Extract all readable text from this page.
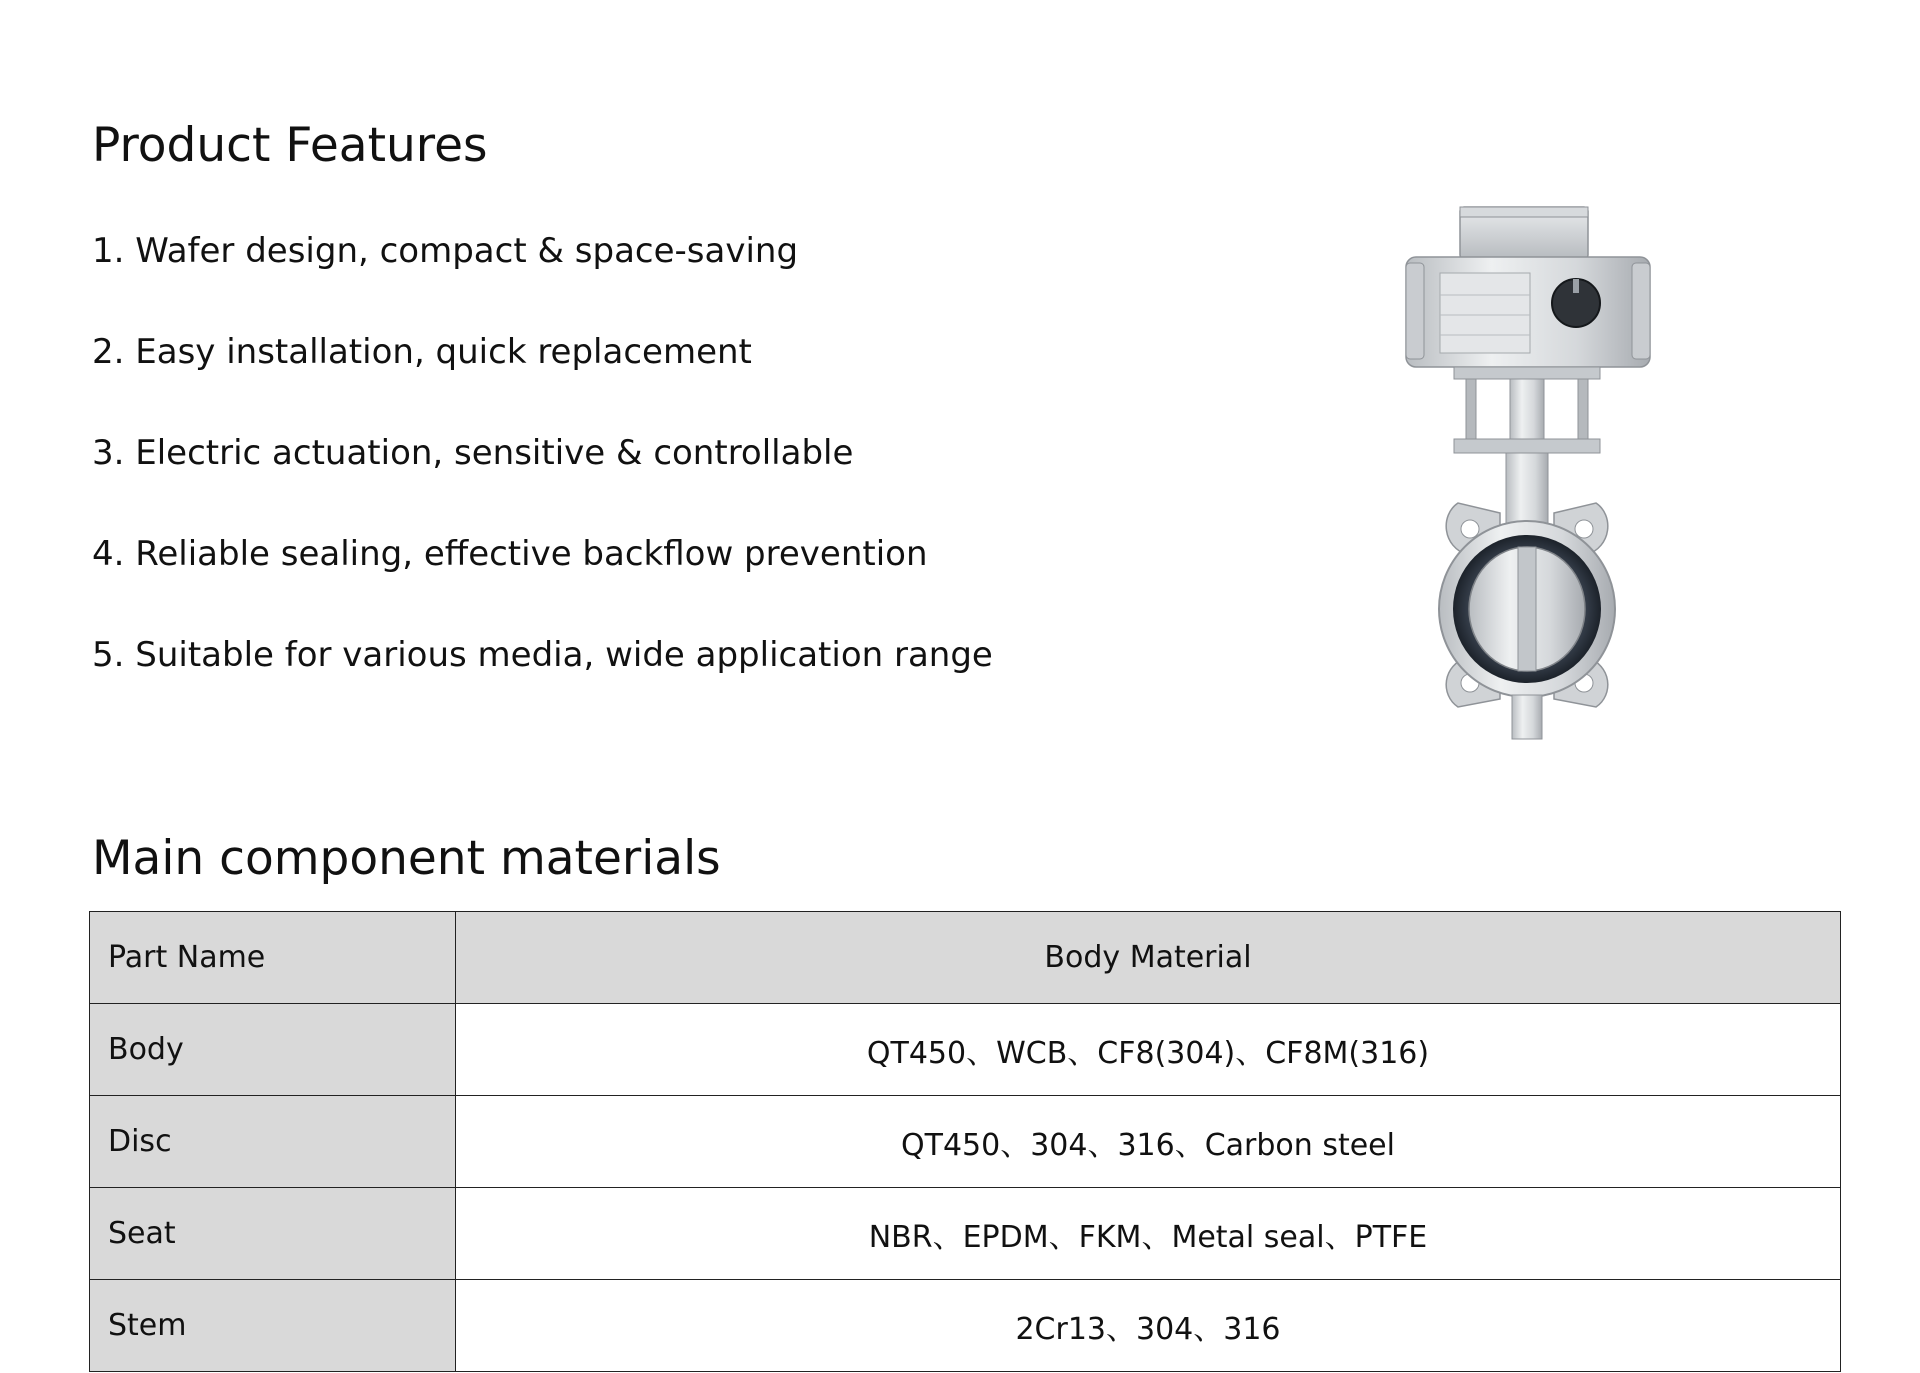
Product Features
1. Wafer design, compact & space-saving
2. Easy installation, quick replacement
3. Electric actuation, sensitive & controllable
4. Reliable sealing, effective backflow prevention
5. Suitable for various media, wide application range
Main component materials
Part Name	Body Material
Body	QT450、WCB、CF8(304)、CF8M(316)
Disc	QT450、304、316、Carbon steel
Seat	NBR、EPDM、FKM、Metal seal、PTFE
Stem	2Cr13、304、316
